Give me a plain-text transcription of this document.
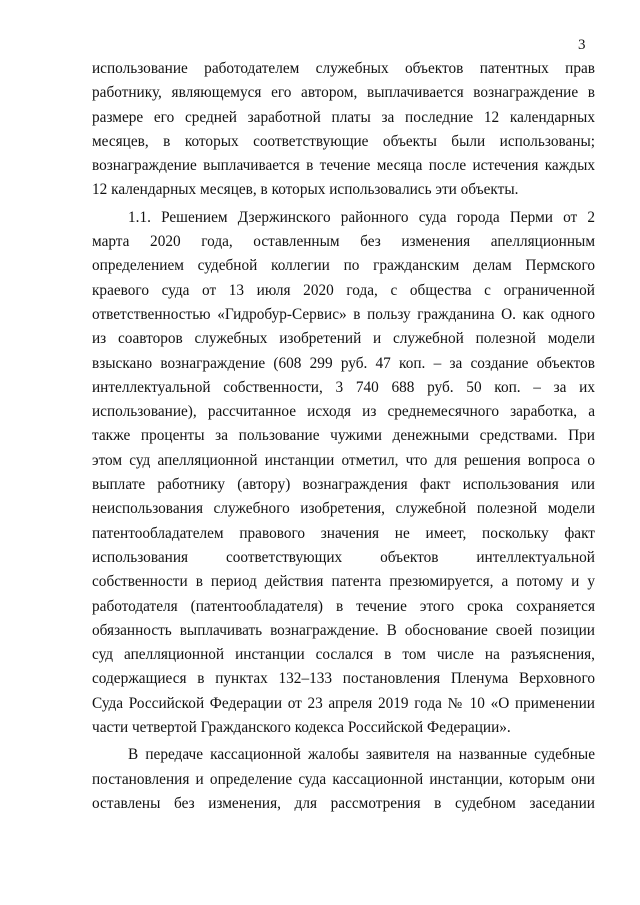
3
использование работодателем служебных объектов патентных прав
работнику, являющемуся его автором, выплачивается вознаграждение в
размере его средней заработной платы за последние 12 календарных
месяцев, в которых соответствующие объекты были использованы;
вознаграждение выплачивается в течение месяца после истечения каждых
12 календарных месяцев, в которых использовались эти объекты.
1.1. Решением Дзержинского районного суда города Перми от 2
марта 2020 года, оставленным без изменения апелляционным
определением судебной коллегии по гражданским делам Пермского
краевого суда от 13 июля 2020 года, с общества с ограниченной
ответственностью «Гидробур-Сервис» в пользу гражданина О. как одного
из соавторов служебных изобретений и служебной полезной модели
взыскано вознаграждение (608 299 руб. 47 коп. – за создание объектов
интеллектуальной собственности, 3 740 688 руб. 50 коп. – за их
использование), рассчитанное исходя из среднемесячного заработка, а
также проценты за пользование чужими денежными средствами. При
этом суд апелляционной инстанции отметил, что для решения вопроса о
выплате работнику (автору) вознаграждения факт использования или
неиспользования служебного изобретения, служебной полезной модели
патентообладателем правового значения не имеет, поскольку факт
использования соответствующих объектов интеллектуальной
собственности в период действия патента презюмируется, а потому и у
работодателя (патентообладателя) в течение этого срока сохраняется
обязанность выплачивать вознаграждение. В обоснование своей позиции
суд апелляционной инстанции сослался в том числе на разъяснения,
содержащиеся в пунктах 132–133 постановления Пленума Верховного
Суда Российской Федерации от 23 апреля 2019 года № 10 «О применении
части четвертой Гражданского кодекса Российской Федерации».
В передаче кассационной жалобы заявителя на названные судебные
постановления и определение суда кассационной инстанции, которым они
оставлены без изменения, для рассмотрения в судебном заседании
